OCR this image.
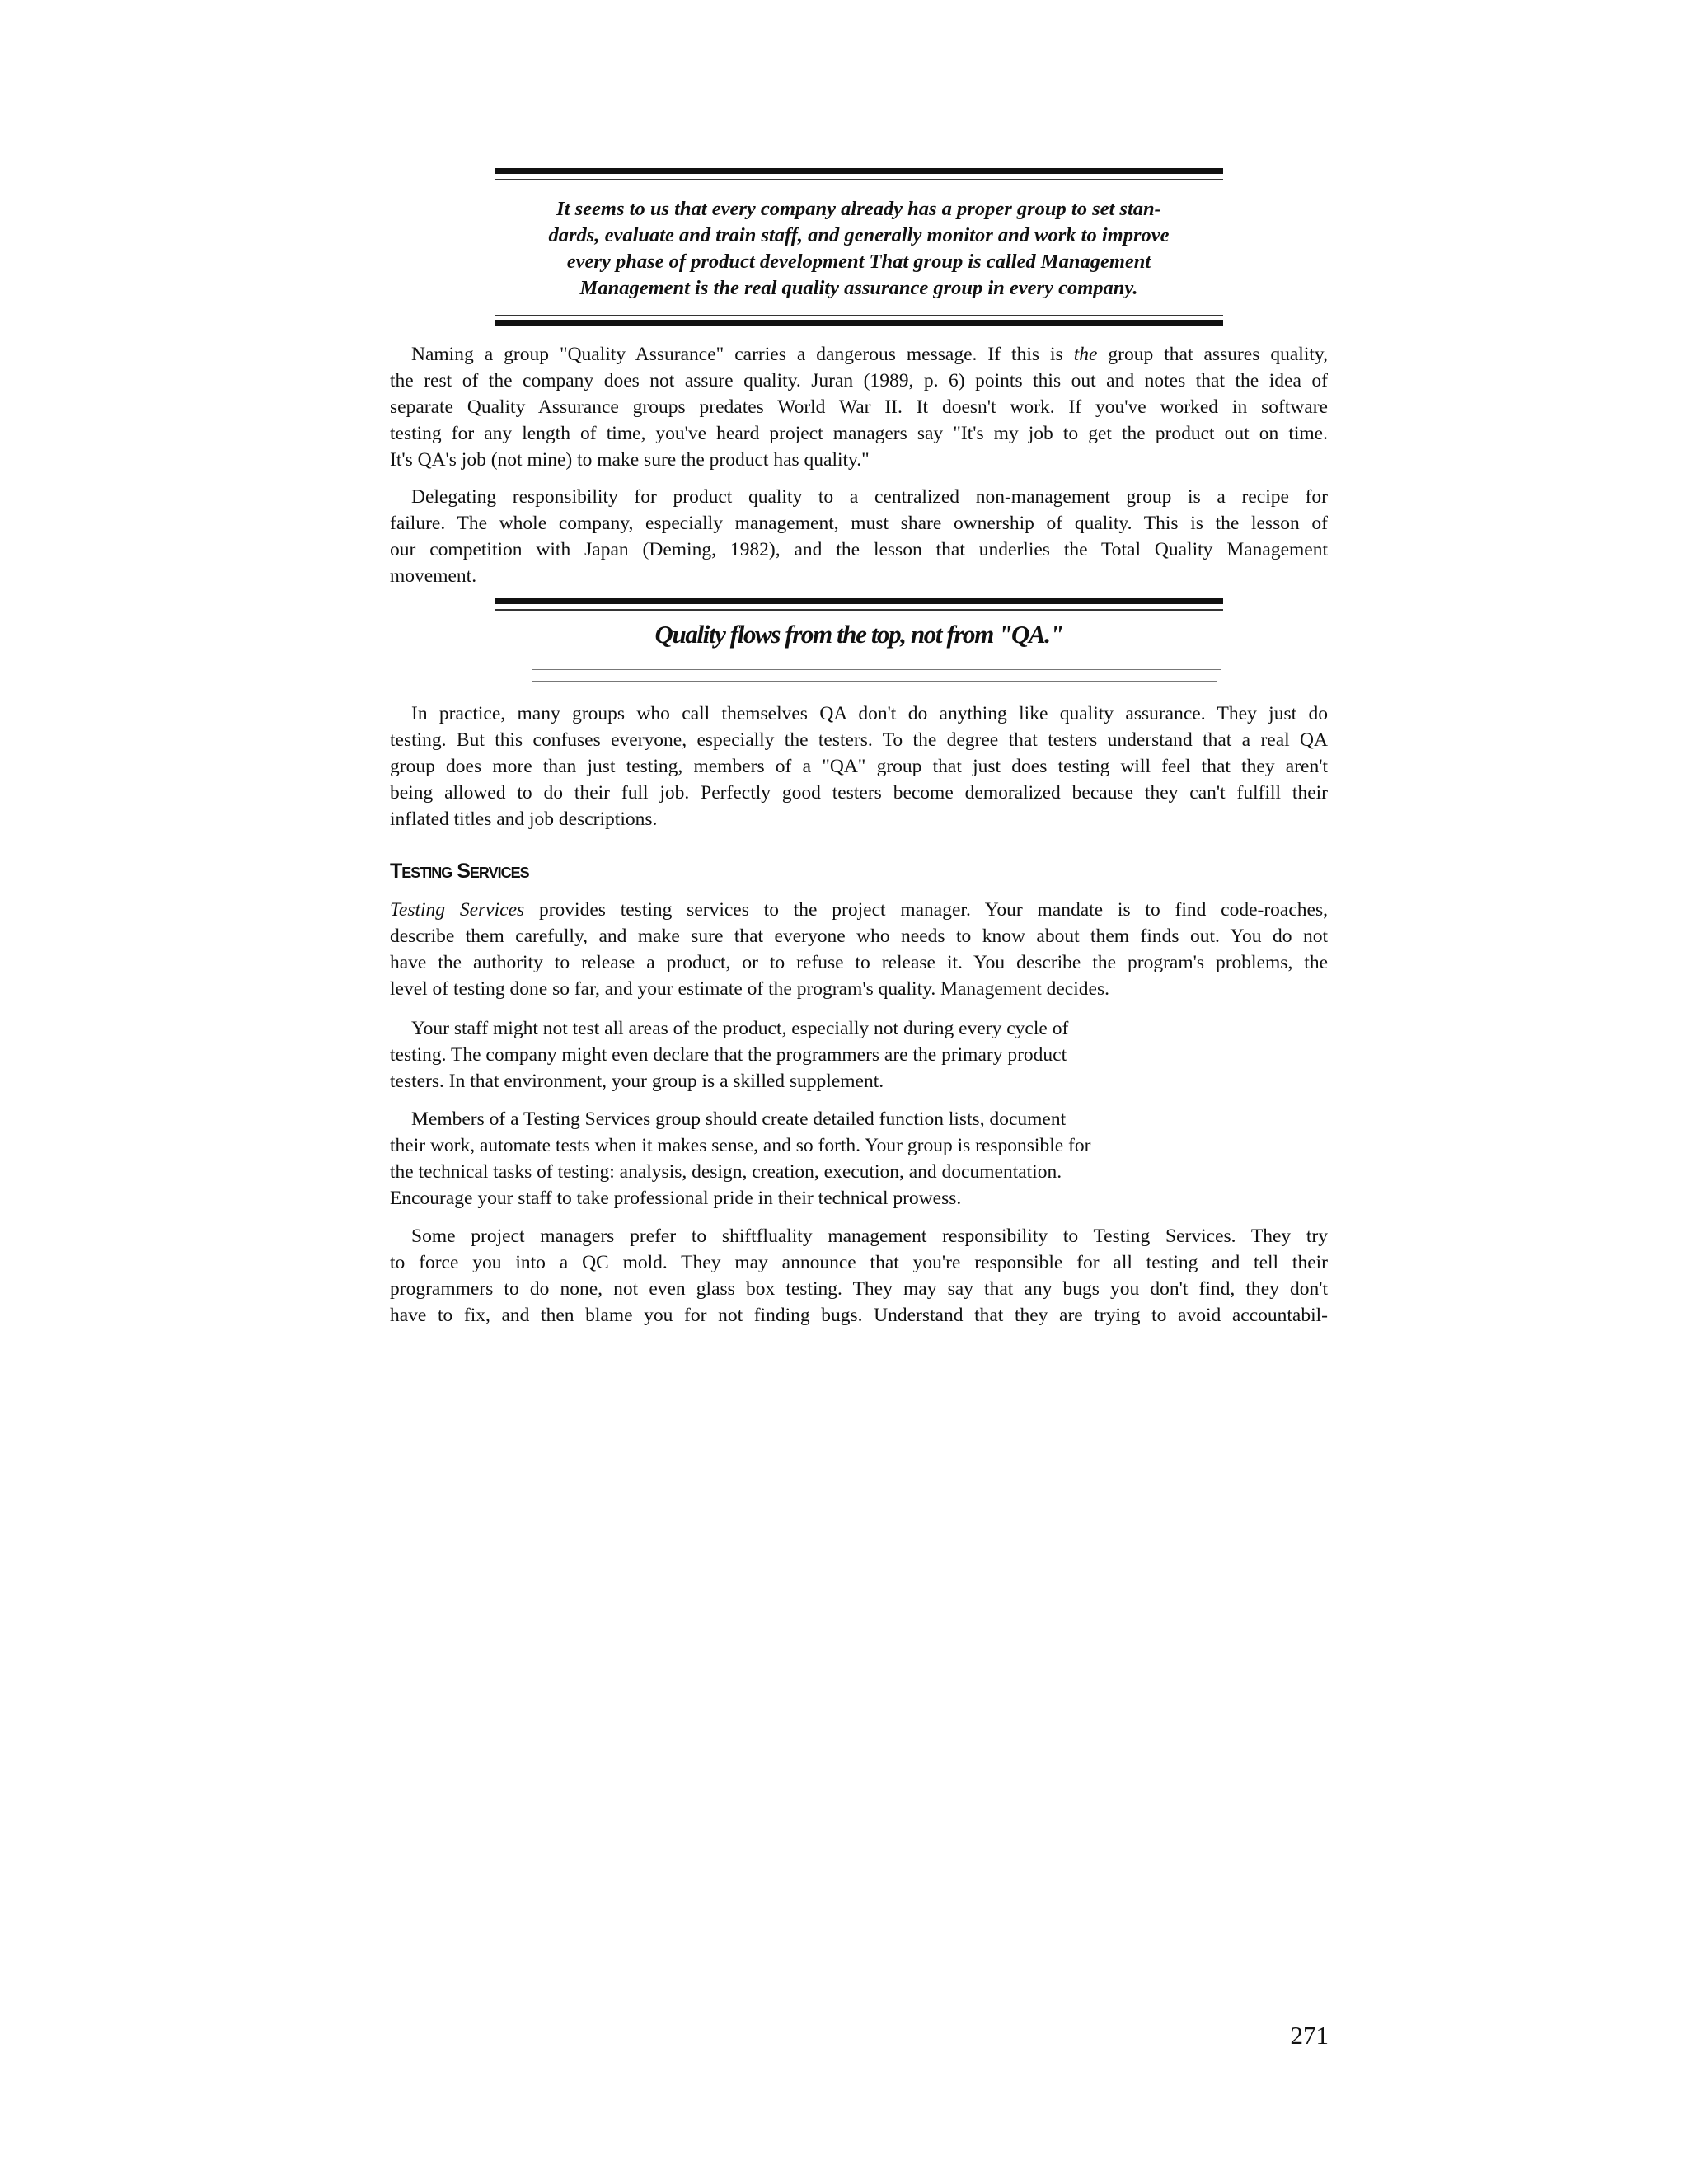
It seems to us that every company already has a proper group to set stan-
dards, evaluate and train staff, and generally monitor and work to improve
every phase of product development That group is called Management
Management is the real quality assurance group in every company.
Naming a group "Quality Assurance" carries a dangerous message. If this is the group that assures quality,
the rest of the company does not assure quality. Juran (1989, p. 6) points this out and notes that the idea of
separate Quality Assurance groups predates World War II. It doesn't work. If you've worked in software
testing for any length of time, you've heard project managers say "It's my job to get the product out on time.
It's QA's job (not mine) to make sure the product has quality."
Delegating responsibility for product quality to a centralized non-management group is a recipe for
failure. The whole company, especially management, must share ownership of quality. This is the lesson of
our competition with Japan (Deming, 1982), and the lesson that underlies the Total Quality Management
movement.
Quality flows from the top, not from "QA."
In practice, many groups who call themselves QA don't do anything like quality assurance. They just do
testing. But this confuses everyone, especially the testers. To the degree that testers understand that a real QA
group does more than just testing, members of a "QA" group that just does testing will feel that they aren't
being allowed to do their full job. Perfectly good testers become demoralized because they can't fulfill their
inflated titles and job descriptions.
Testing Services
Testing Services provides testing services to the project manager. Your mandate is to find code-roaches,
describe them carefully, and make sure that everyone who needs to know about them finds out. You do not
have the authority to release a product, or to refuse to release it. You describe the program's problems, the
level of testing done so far, and your estimate of the program's quality. Management decides.
Your staff might not test all areas of the product, especially not during every cycle of
testing. The company might even declare that the programmers are the primary product
testers. In that environment, your group is a skilled supplement.
Members of a Testing Services group should create detailed function lists, document
their work, automate tests when it makes sense, and so forth. Your group is responsible for
the technical tasks of testing: analysis, design, creation, execution, and documentation.
Encourage your staff to take professional pride in their technical prowess.
Some project managers prefer to shiftfluality management responsibility to Testing Services. They try
to force you into a QC mold. They may announce that you're responsible for all testing and tell their
programmers to do none, not even glass box testing. They may say that any bugs you don't find, they don't
have to fix, and then blame you for not finding bugs. Understand that they are trying to avoid accountabil-
271
